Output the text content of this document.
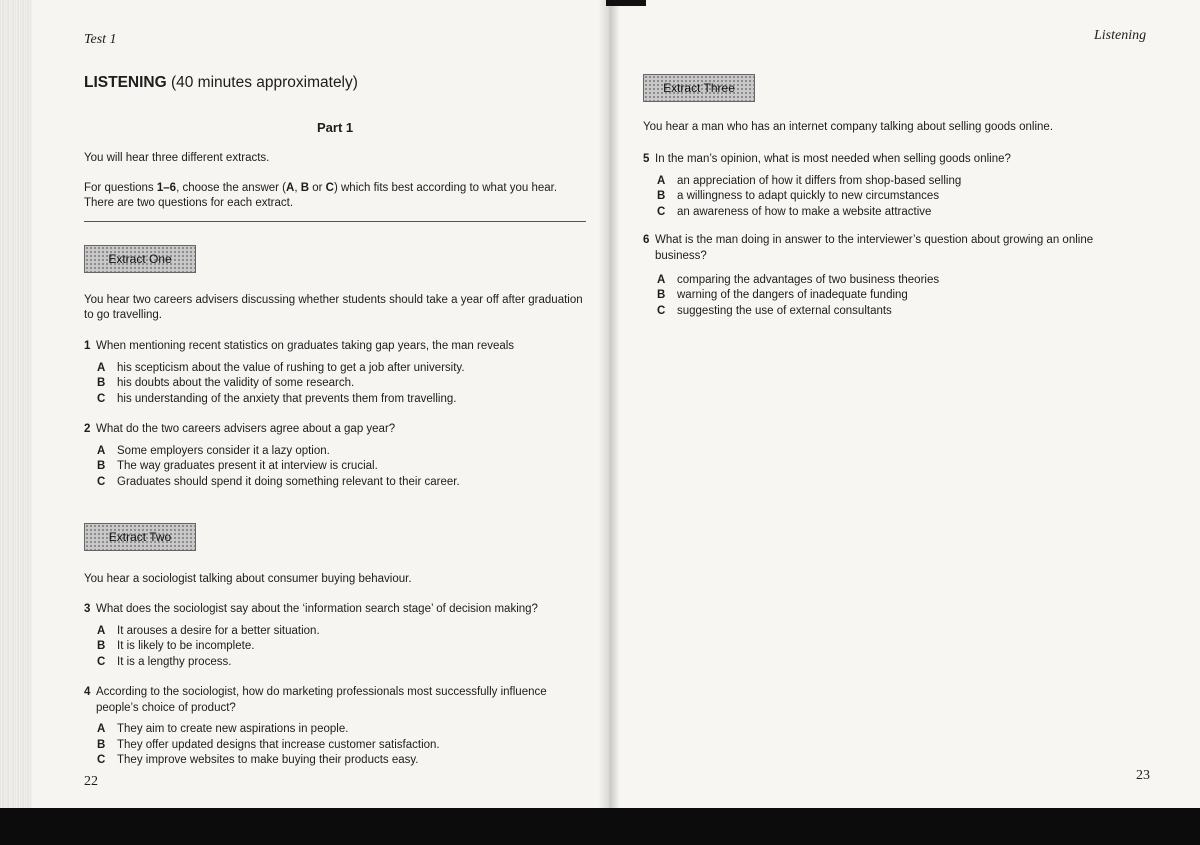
Test 1
LISTENING (40 minutes approximately)
Part 1
You will hear three different extracts.
For questions 1–6, choose the answer (A, B or C) which fits best according to what you hear.
There are two questions for each extract.
Extract One
You hear two careers advisers discussing whether students should take a year off after graduation
to go travelling.
1 When mentioning recent statistics on graduates taking gap years, the man reveals
A his scepticism about the value of rushing to get a job after university.
B his doubts about the validity of some research.
C his understanding of the anxiety that prevents them from travelling.
2 What do the two careers advisers agree about a gap year?
A Some employers consider it a lazy option.
B The way graduates present it at interview is crucial.
C Graduates should spend it doing something relevant to their career.
Extract Two
You hear a sociologist talking about consumer buying behaviour.
3 What does the sociologist say about the ‘information search stage’ of decision making?
A It arouses a desire for a better situation.
B It is likely to be incomplete.
C It is a lengthy process.
4 According to the sociologist, how do marketing professionals most successfully influence
people’s choice of product?
A They aim to create new aspirations in people.
B They offer updated designs that increase customer satisfaction.
C They improve websites to make buying their products easy.
22
Listening
Extract Three
You hear a man who has an internet company talking about selling goods online.
5 In the man’s opinion, what is most needed when selling goods online?
A an appreciation of how it differs from shop-based selling
B a willingness to adapt quickly to new circumstances
C an awareness of how to make a website attractive
6 What is the man doing in answer to the interviewer’s question about growing an online
business?
A comparing the advantages of two business theories
B warning of the dangers of inadequate funding
C suggesting the use of external consultants
23
